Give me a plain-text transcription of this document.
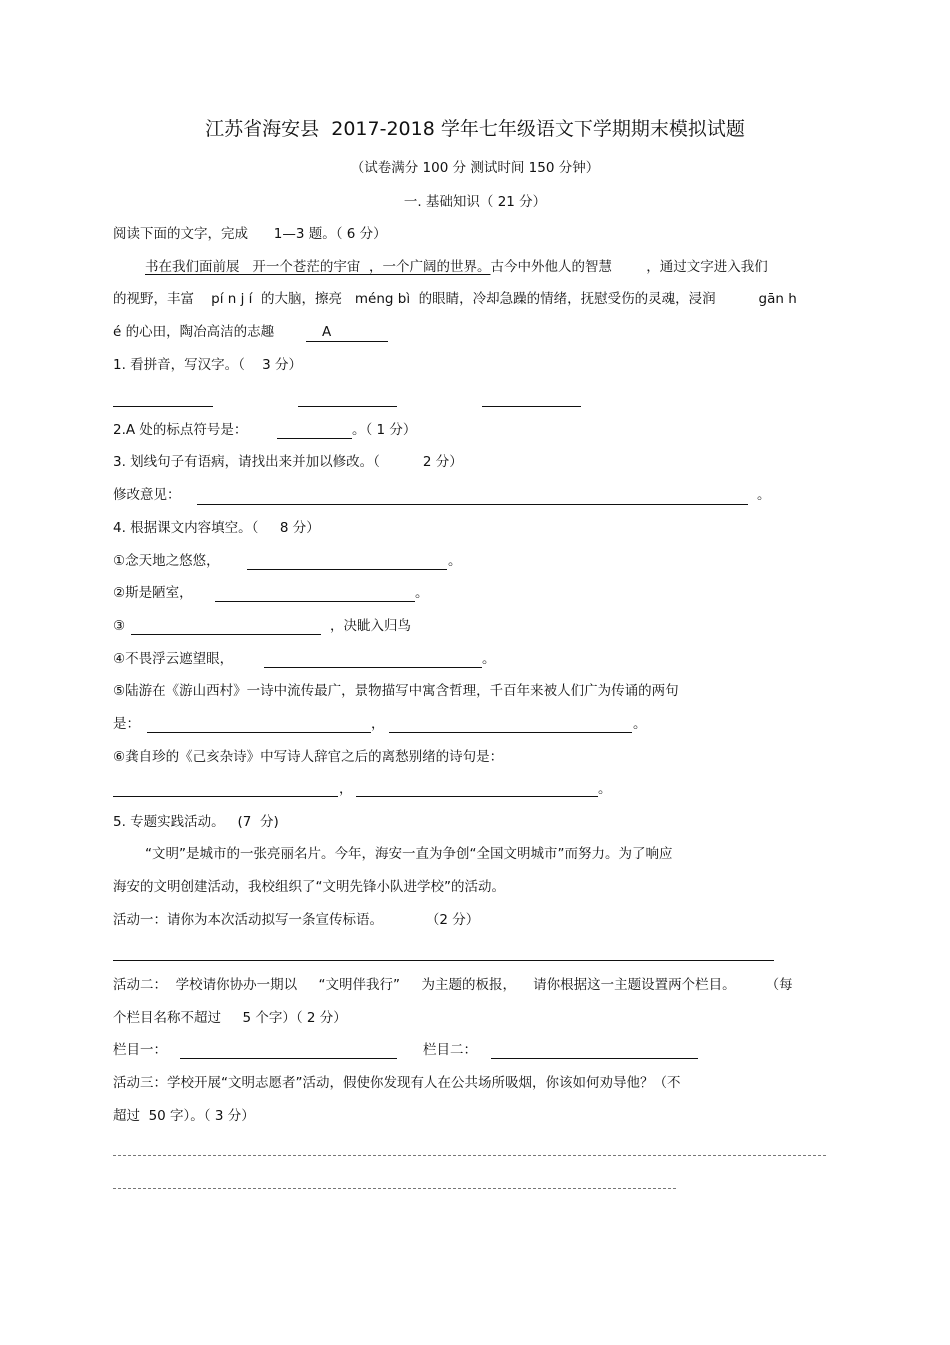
江苏省海安县  2017-2018 学年七年级语文下学期期末模拟试题
（试卷满分 100 分 测试时间 150 分钟）
一. 基础知识（ 21 分）
阅读下面的文字，完成      1—3 题。（ 6 分）
书在我们面前展   开一个苍茫的宇宙  ，一个广阔的世界。古今中外他人的智慧        ，通过文字进入我们
的视野，丰富    pí n j í  的大脑，擦亮   méng bì  的眼睛，冷却急躁的情绪，抚慰受伤的灵魂，浸润          gān h
é 的心田，陶冶高洁的志趣	A
1. 看拼音，写汉字。（    3 分）
2.A 处的标点符号是：	。（ 1 分）
3. 划线句子有语病，请找出来并加以修改。（          2 分）
修改意见：	。
4. 根据课文内容填空。（     8 分）
①念天地之悠悠，	。
②斯是陋室，	。
③	，决眦入归鸟
④不畏浮云遮望眼，	。
⑤陆游在《游山西村》一诗中流传最广，景物描写中寓含哲理，千百年来被人们广为传诵的两句
是：	，	。
⑥龚自珍的《己亥杂诗》中写诗人辞官之后的离愁别绪的诗句是：
，	。
5. 专题实践活动。   (7  分)
“文明”是城市的一张亮丽名片。今年，海安一直为争创“全国文明城市”而努力。为了响应
海安的文明创建活动，我校组织了“文明先锋小队进学校”的活动。
活动一：请你为本次活动拟写一条宣传标语。          （2 分）
活动二：  学校请你协办一期以     “文明伴我行”     为主题的板报，    请你根据这一主题设置两个栏目。       （每
个栏目名称不超过     5 个字）（ 2 分）
栏目一：	栏目二：
活动三：学校开展“文明志愿者”活动，假使你发现有人在公共场所吸烟，你该如何劝导他？（不
超过  50 字）。（ 3 分）
